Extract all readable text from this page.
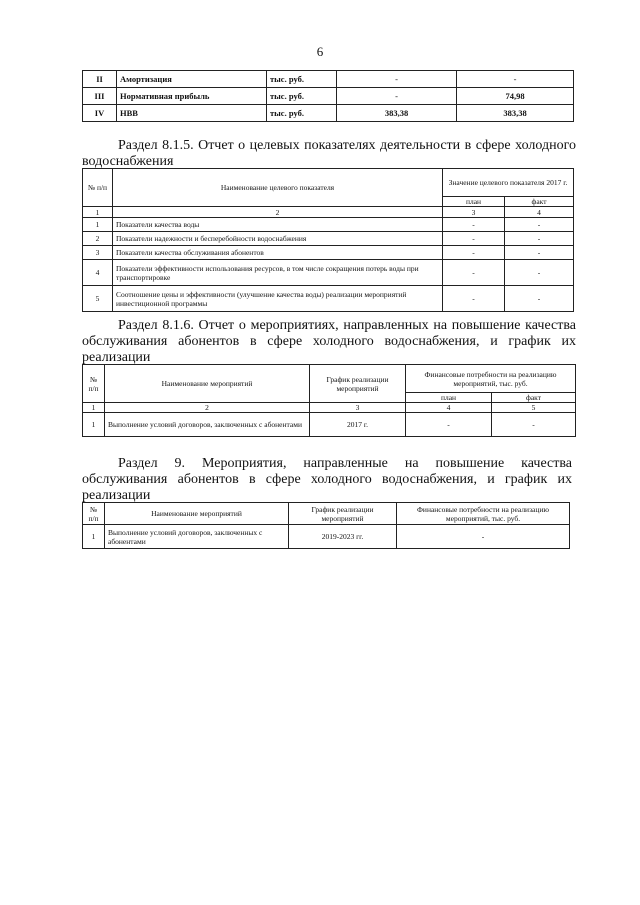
6
II	Амортизация	тыс. руб.	-	-
III	Нормативная прибыль	тыс. руб.	-	74,98
IV	НВВ	тыс. руб.	383,38	383,38
Раздел 8.1.5. Отчет о целевых показателях деятельности в сфере холодного водоснабжения
№ п/п	Наименование целевого показателя	Значение целевого показателя 2017 г.	
		план	факт
1	2	3	4
1	Показатели качества воды	-	-
2	Показатели надежности и бесперебойности водоснабжения	-	-
3	Показатели качества обслуживания абонентов	-	-
4	Показатели эффективности использования ресурсов, в том числе сокращения потерь воды при транспортировке	-	-
5	Соотношение цены и эффективности (улучшение качества воды) реализации мероприятий инвестиционной программы	-	-
Раздел 8.1.6. Отчет о мероприятиях, направленных на повышение качества обслуживания абонентов в сфере холодного водоснабжения, и график их реализации
№ п/п	Наименование мероприятий	График реализации мероприятий	Финансовые потребности на реализацию мероприятий, тыс. руб.	
			план	факт
1	2	3	4	5
1	Выполнение условий договоров, заключенных с абонентами	2017 г.	-	-
Раздел 9. Мероприятия, направленные на повышение качества обслуживания абонентов в сфере холодного водоснабжения, и график их реализации
№ п/п	Наименование мероприятий	График реализации мероприятий	Финансовые потребности на реализацию мероприятий, тыс. руб.
1	Выполнение условий договоров, заключенных с абонентами	2019-2023 гг.	-
